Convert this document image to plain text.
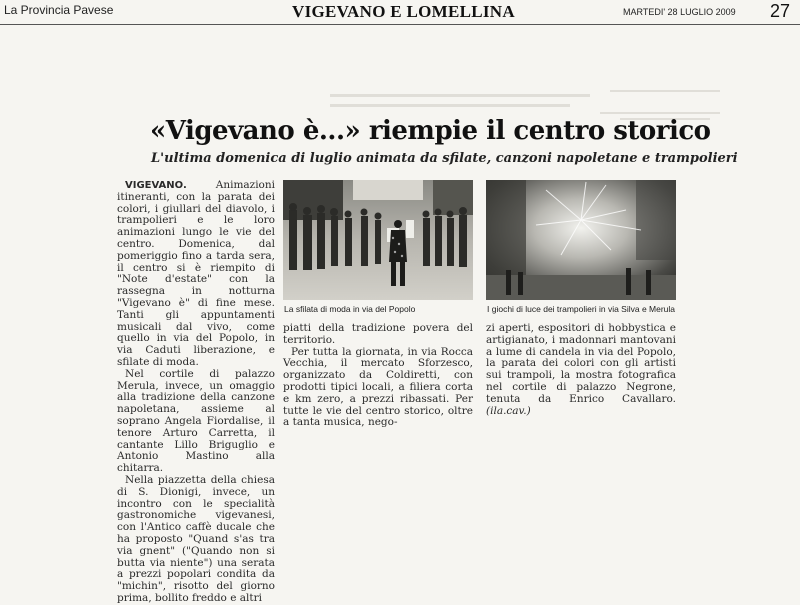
La Provincia Pavese	VIGEVANO E LOMELLINA	MARTEDI' 28 LUGLIO 2009 27
«Vigevano è...» riempie il centro storico
L'ultima domenica di luglio animata da sfilate, canzoni napoletane e trampolieri

VIGEVANO. Animazioni itineranti, con la parata dei colori, i giullari del diavolo, i trampolieri e le loro animazioni lungo le vie del centro. Domenica, dal pomeriggio fino a tarda sera, il centro si è riempito di "Note d'estate" con la rassegna in notturna "Vigevano è" di fine mese. Tanti gli appuntamenti musicali dal vivo, come quello in via del Popolo, in via Caduti liberazione, e sfilate di moda.

Nel cortile di palazzo Merula, invece, un omaggio alla tradizione della canzone napoletana, assieme al soprano Angela Fiordalise, il tenore Arturo Carretta, il cantante Lillo Briguglio e Antonio Mastino alla chitarra.

Nella piazzetta della chiesa di S. Dionigi, invece, un incontro con le specialità gastronomiche vigevanesi, con l'Antico caffè ducale che ha proposto "Quand s'as tra via gnent" ("Quando non si butta via niente") una serata a prezzi popolari condita da "michin", risotto del giorno prima, bollito freddo e altri

La sfilata di moda in via del Popolo	I giochi di luce dei trampolieri in via Silva e Merula

piatti della tradizione povera del territorio.

Per tutta la giornata, in via Rocca Vecchia, il mercato Sforzesco, organizzato da Coldiretti, con prodotti tipici locali, a filiera corta e km zero, a prezzi ribassati. Per tutte le vie del centro storico, oltre a tanta musica, nego-

zi aperti, espositori di hobbystica e artigianato, i madonnari mantovani a lume di candela in via del Popolo, la parata dei colori con gli artisti sui trampoli, la mostra fotografica nel cortile di palazzo Negrone, tenuta da Enrico Cavallaro. (ila.cav.)
